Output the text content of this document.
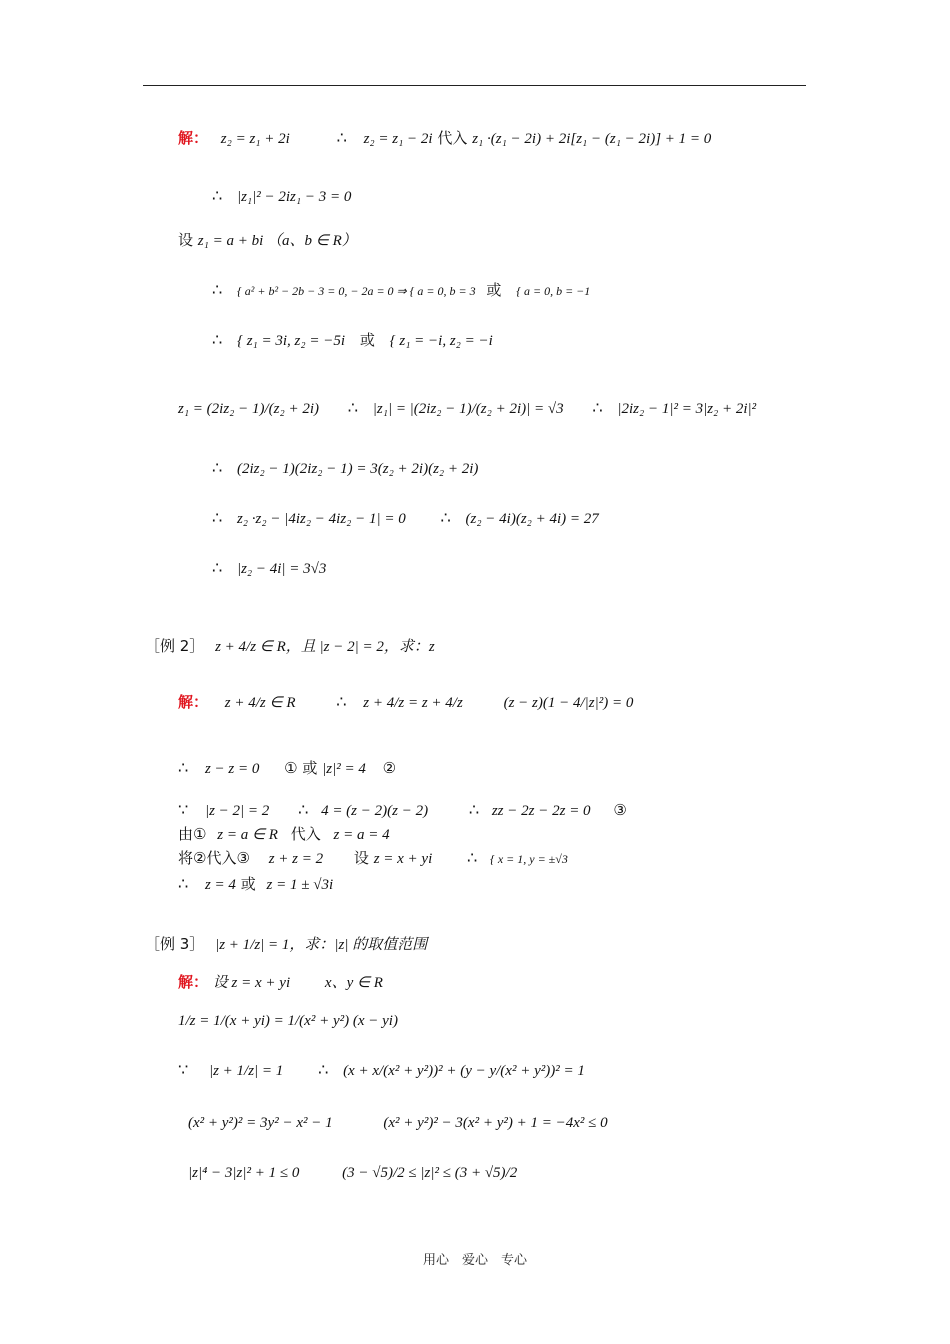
解： z₂ = z₁ + 2i	∴ z₂ = z₁ − 2i 代入 z₁ ·(z₁ − 2i) + 2i[z₁ − (z₁ − 2i)] + 1 = 0
∴ |z₁|² − 2iz₁ − 3 = 0
设 z₁ = a + bi （a、b ∈ R）
∴ { a² + b² − 2b − 3 = 0, − 2a = 0 ⇒ { a = 0, b = 3 或 { a = 0, b = −1
∴ { z₁ = 3i, z₂ = −5i 或 { z₁ = −i, z₂ = −i
z₁ = (2iz₂ − 1)/(z₂ + 2i) ∴ |z₁| = |(2iz₂ − 1)/(z₂ + 2i)| = √3 ∴ |2iz₂ − 1|² = 3|z₂ + 2i|²
∴ (2iz₂ − 1)(2iz₂ − 1) = 3(z₂ + 2i)(z₂ + 2i)
∴ z₂ ·z₂ − |4iz₂ − 4iz₂ − 1| = 0 ∴ (z₂ − 4i)(z₂ + 4i) = 27
∴ |z₂ − 4i| = 3√3
［例 2］ z + 4/z ∈ R，且 |z − 2| = 2，求：z
解： z + 4/z ∈ R	∴ z + 4/z = z + 4/z	(z − z)(1 − 4/|z|²) = 0
∴ z − z = 0 ① 或 |z|² = 4 ②
∵ |z − 2| = 2 ∴ 4 = (z − 2)(z − 2)	∴ zz − 2z − 2z = 0 ③
由① z = a ∈ R 代入 z = a = 4
将②代入③ z + z = 2 设 z = x + yi ∴ { x = 1, y = ±√3
∴ z = 4 或 z = 1 ± √3i
［例 3］ |z + 1/z| = 1，求：|z| 的取值范围
解： 设 z = x + yi x、y ∈ R
1/z = 1/(x + yi) = 1/(x² + y²) (x − yi)
∵ |z + 1/z| = 1 ∴ (x + x/(x² + y²))² + (y − y/(x² + y²))² = 1
(x² + y²)² = 3y² − x² − 1	(x² + y²)² − 3(x² + y²) + 1 = −4x² ≤ 0
|z|⁴ − 3|z|² + 1 ≤ 0	(3 − √5)/2 ≤ |z|² ≤ (3 + √5)/2
用心　爱心　专心
